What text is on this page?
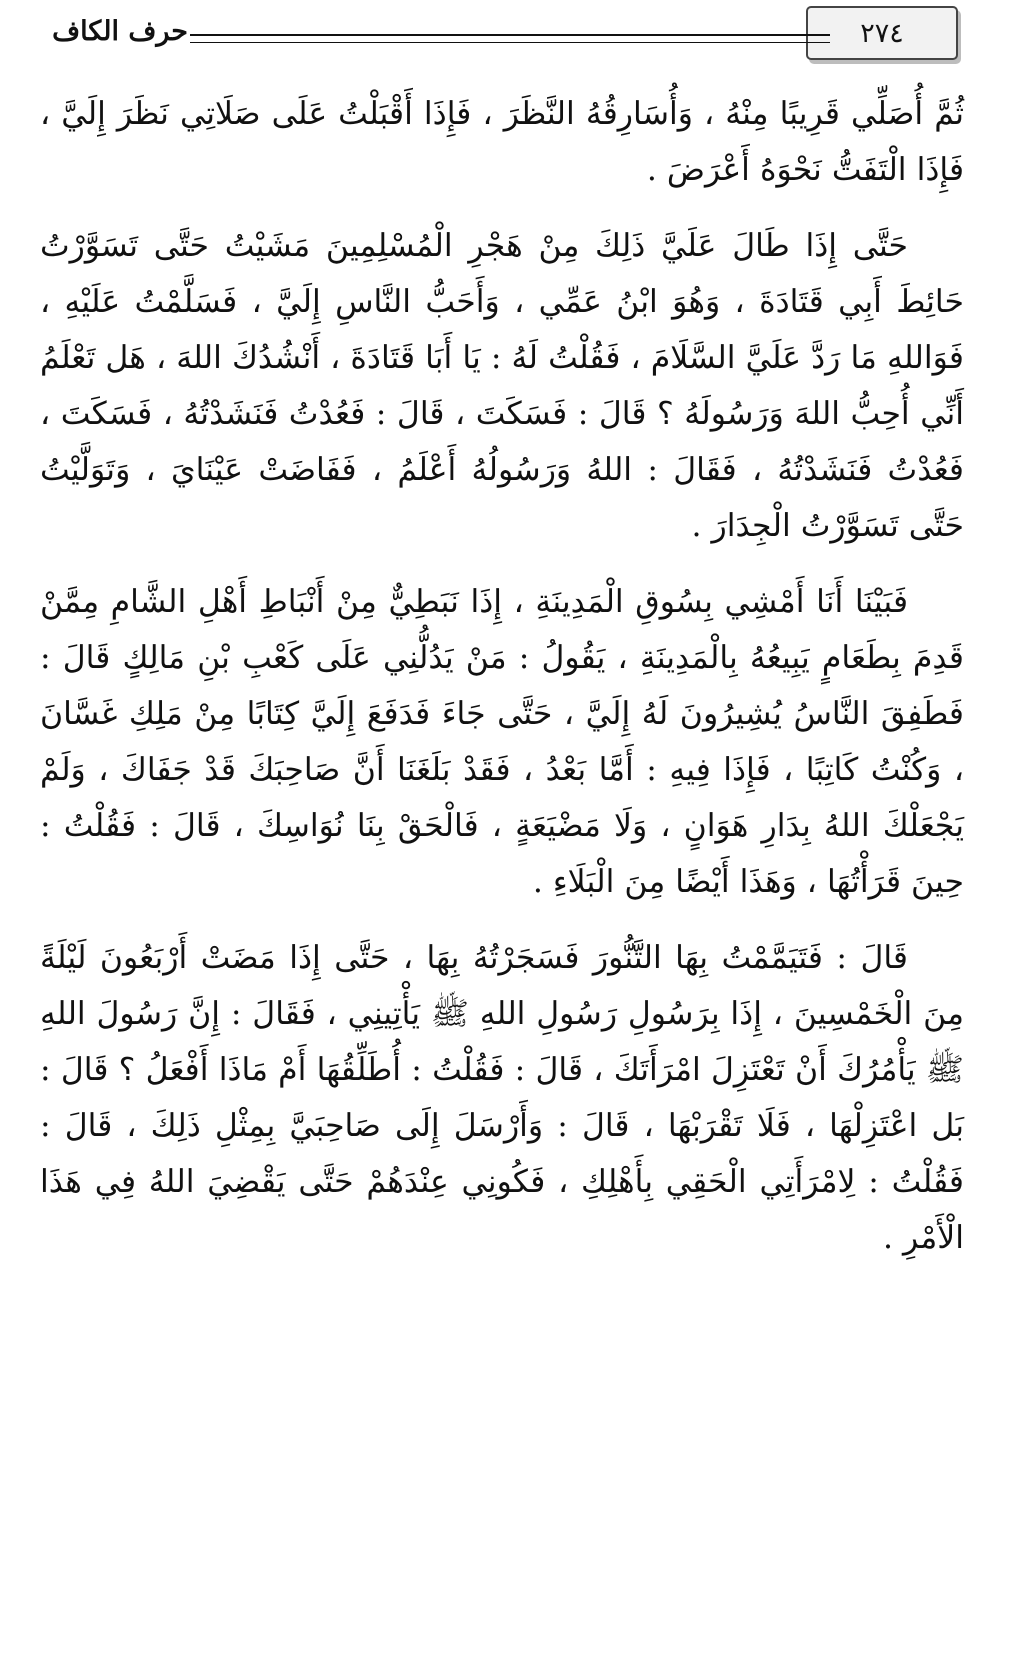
٢٧٤
حرف الكاف

ثُمَّ أُصَلِّي قَرِيبًا مِنْهُ ، وَأُسَارِقُهُ النَّظَرَ ، فَإِذَا أَقْبَلْتُ عَلَى صَلَاتِي نَظَرَ إِلَيَّ ، فَإِذَا الْتَفَتُّ نَحْوَهُ أَعْرَضَ .

حَتَّى إِذَا طَالَ عَلَيَّ ذَلِكَ مِنْ هَجْرِ الْمُسْلِمِينَ مَشَيْتُ حَتَّى تَسَوَّرْتُ حَائِطَ أَبِي قَتَادَةَ ، وَهُوَ ابْنُ عَمِّي ، وَأَحَبُّ النَّاسِ إِلَيَّ ، فَسَلَّمْتُ عَلَيْهِ ، فَوَاللهِ مَا رَدَّ عَلَيَّ السَّلَامَ ، فَقُلْتُ لَهُ : يَا أَبَا قَتَادَةَ ، أَنْشُدُكَ اللهَ ، هَل تَعْلَمُ أَنِّي أُحِبُّ اللهَ وَرَسُولَهُ ؟ قَالَ : فَسَكَتَ ، قَالَ : فَعُدْتُ فَنَشَدْتُهُ ، فَسَكَتَ ، فَعُدْتُ فَنَشَدْتُهُ ، فَقَالَ : اللهُ وَرَسُولُهُ أَعْلَمُ ، فَفَاضَتْ عَيْنَايَ ، وَتَوَلَّيْتُ حَتَّى تَسَوَّرْتُ الْجِدَارَ .

فَبَيْنَا أَنَا أَمْشِي بِسُوقِ الْمَدِينَةِ ، إِذَا نَبَطِيٌّ مِنْ أَنْبَاطِ أَهْلِ الشَّامِ مِمَّنْ قَدِمَ بِطَعَامٍ يَبِيعُهُ بِالْمَدِينَةِ ، يَقُولُ : مَنْ يَدُلُّنِي عَلَى كَعْبِ بْنِ مَالِكٍ قَالَ : فَطَفِقَ النَّاسُ يُشِيرُونَ لَهُ إِلَيَّ ، حَتَّى جَاءَ فَدَفَعَ إِلَيَّ كِتَابًا مِنْ مَلِكِ غَسَّانَ ، وَكُنْتُ كَاتِبًا ، فَإِذَا فِيهِ : أَمَّا بَعْدُ ، فَقَدْ بَلَغَنَا أَنَّ صَاحِبَكَ قَدْ جَفَاكَ ، وَلَمْ يَجْعَلْكَ اللهُ بِدَارِ هَوَانٍ ، وَلَا مَضْيَعَةٍ ، فَالْحَقْ بِنَا نُوَاسِكَ ، قَالَ : فَقُلْتُ : حِينَ قَرَأْتُهَا ، وَهَذَا أَيْضًا مِنَ الْبَلَاءِ .

قَالَ : فَتَيَمَّمْتُ بِهَا التَّنُّورَ فَسَجَرْتُهُ بِهَا ، حَتَّى إِذَا مَضَتْ أَرْبَعُونَ لَيْلَةً مِنَ الْخَمْسِينَ ، إِذَا بِرَسُولِ رَسُولِ اللهِ ﷺ يَأْتِينِي ، فَقَالَ : إِنَّ رَسُولَ اللهِ ﷺ يَأْمُرُكَ أَنْ تَعْتَزِلَ امْرَأَتَكَ ، قَالَ : فَقُلْتُ : أُطَلِّقُهَا أَمْ مَاذَا أَفْعَلُ ؟ قَالَ : بَل اعْتَزِلْهَا ، فَلَا تَقْرَبْهَا ، قَالَ : وَأَرْسَلَ إِلَى صَاحِبَيَّ بِمِثْلِ ذَلِكَ ، قَالَ : فَقُلْتُ : لِامْرَأَتِي الْحَقِي بِأَهْلِكِ ، فَكُونِي عِنْدَهُمْ حَتَّى يَقْضِيَ اللهُ فِي هَذَا الْأَمْرِ .
